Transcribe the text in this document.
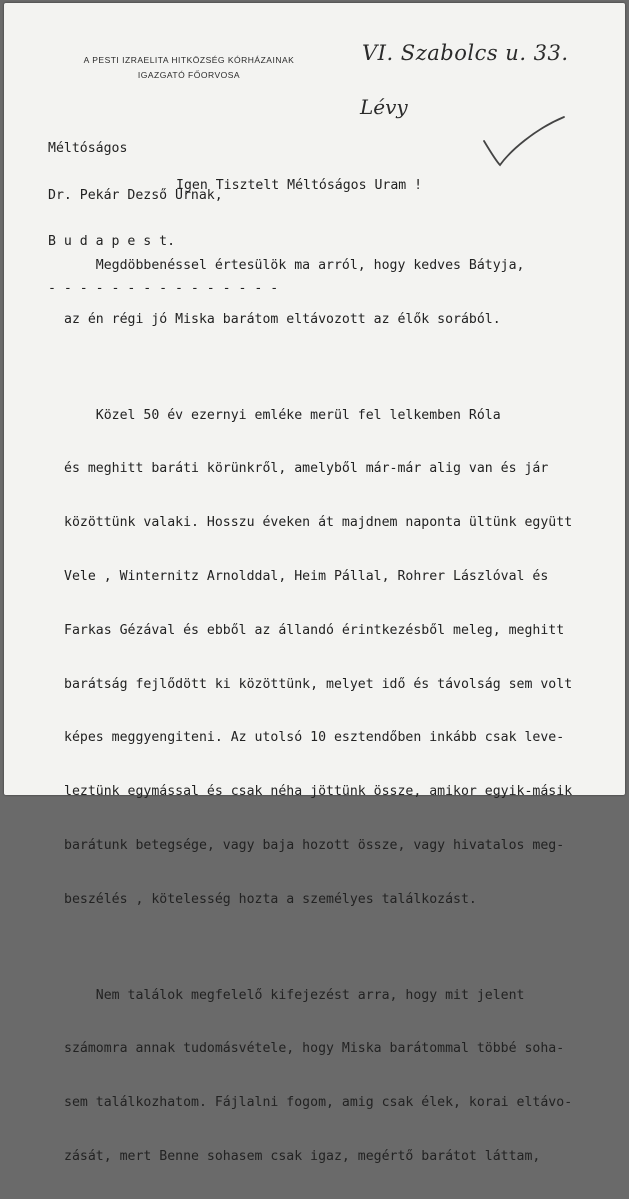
A PESTI IZRAELITA HITKÖZSÉG KÓRHÁZAINAK
IGAZGATÓ FŐORVOSA
VI. Szabolcs u. 33.
Lévy

Méltóságos

Dr. Pekár Dezső Urnak,

B u d a p e s t.

- - - - - - - - - - - - - - -

Igen Tisztelt Méltóságos Uram !

Megdöbbenéssel értesülök ma arról, hogy kedves Bátyja,

az én régi jó Miska barátom eltávozott az élők sorából.

Közel 50 év ezernyi emléke merül fel lelkemben Róla

és meghitt baráti körünkről, amelyből már-már alig van és jár

közöttünk valaki. Hosszu éveken át majdnem naponta ültünk együtt

Vele , Winternitz Arnolddal, Heim Pállal, Rohrer Lászlóval és

Farkas Gézával és ebből az állandó érintkezésből meleg, meghitt

barátság fejlődött ki közöttünk, melyet idő és távolság sem volt

képes meggyengiteni. Az utolsó 10 esztendőben inkább csak leve-

leztünk egymással és csak néha jöttünk össze, amikor egyik-másik

barátunk betegsége, vagy baja hozott össze, vagy hivatalos meg-

beszélés , kötelesség hozta a személyes találkozást.

Nem találok megfelelő kifejezést arra, hogy mit jelent

számomra annak tudomásvétele, hogy Miska barátommal többé soha-

sem találkozhatom. Fájlalni fogom, amig csak élek, korai eltávo-

zását, mert Benne sohasem csak igaz, megértő barátot láttam,
